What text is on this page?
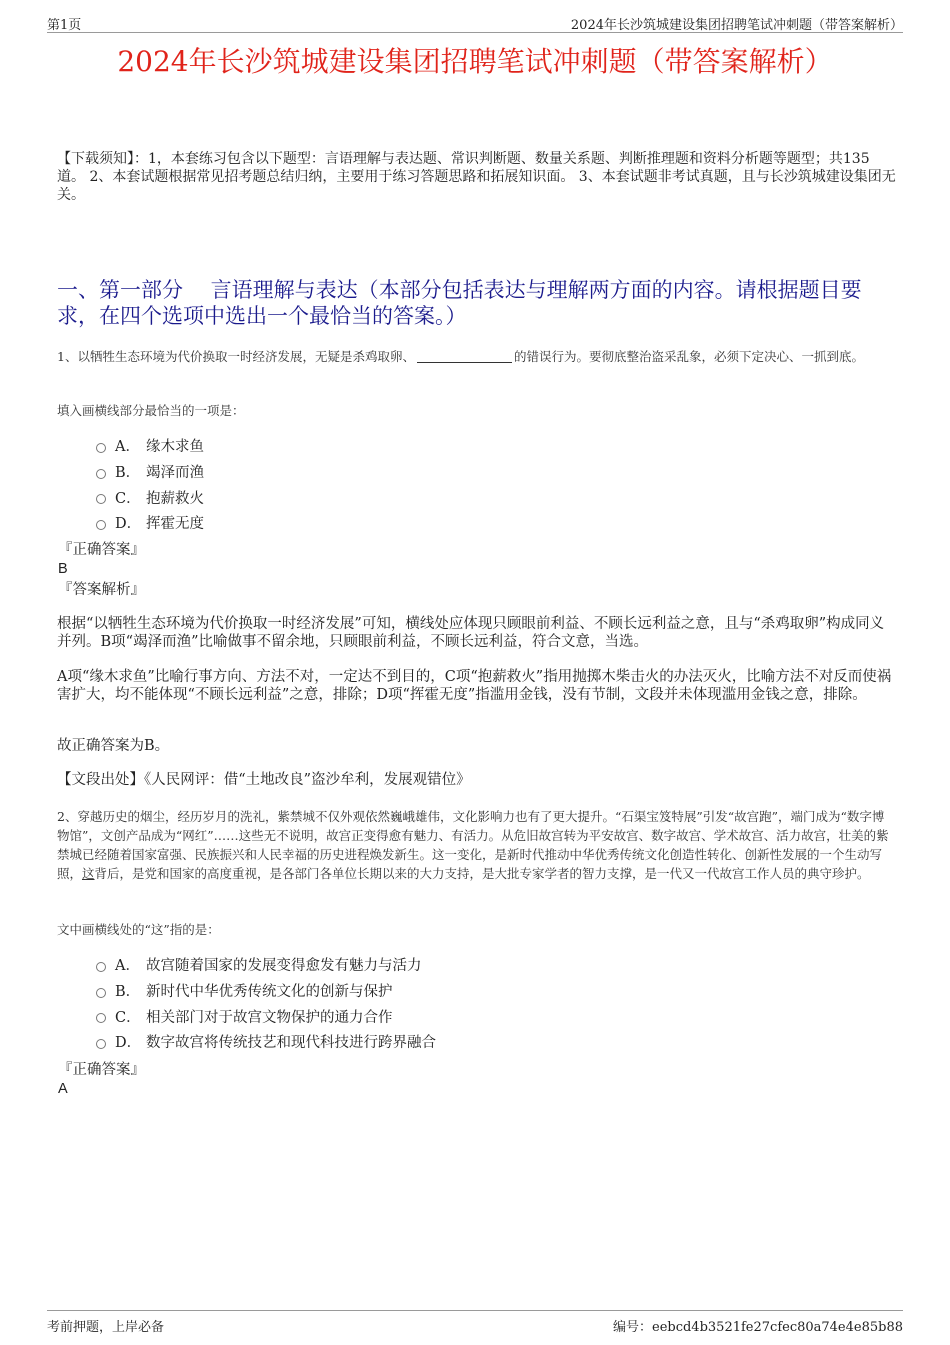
第1页	2024年长沙筑城建设集团招聘笔试冲刺题（带答案解析）
2024年长沙筑城建设集团招聘笔试冲刺题（带答案解析）
【下载须知】：1，本套练习包含以下题型：言语理解与表达题、常识判断题、数量关系题、判断推理题和资料分析题等题型；共135道。 2、本套试题根据常见招考题总结归纳，主要用于练习答题思路和拓展知识面。 3、本套试题非考试真题，且与长沙筑城建设集团无关。
一、第一部分　 言语理解与表达（本部分包括表达与理解两方面的内容。请根据题目要求，在四个选项中选出一个最恰当的答案。）
1、以牺牲生态环境为代价换取一时经济发展，无疑是杀鸡取卵、	的错误行为。要彻底整治盗采乱象，必须下定决心、一抓到底。
填入画横线部分最恰当的一项是：
A． 缘木求鱼
B． 竭泽而渔
C． 抱薪救火
D． 挥霍无度
『正确答案』
B
『答案解析』
根据“以牺牲生态环境为代价换取一时经济发展”可知，横线处应体现只顾眼前利益、不顾长远利益之意，且与“杀鸡取卵”构成同义并列。B项“竭泽而渔”比喻做事不留余地，只顾眼前利益，不顾长远利益，符合文意，当选。
A项“缘木求鱼”比喻行事方向、方法不对，一定达不到目的，C项“抱薪救火”指用抛掷木柴击火的办法灭火，比喻方法不对反而使祸害扩大，均不能体现“不顾长远利益”之意，排除；D项“挥霍无度”指滥用金钱，没有节制，文段并未体现滥用金钱之意，排除。
故正确答案为B。
【文段出处】《人民网评：借“土地改良”盗沙牟利，发展观错位》
2、穿越历史的烟尘，经历岁月的洗礼，紫禁城不仅外观依然巍峨雄伟，文化影响力也有了更大提升。“石渠宝笈特展”引发“故宫跑”，端门成为“数字博物馆”，文创产品成为“网红”……这些无不说明，故宫正变得愈有魅力、有活力。从危旧故宫转为平安故宫、数字故宫、学术故宫、活力故宫，壮美的紫禁城已经随着国家富强、民族振兴和人民幸福的历史进程焕发新生。这一变化，是新时代推动中华优秀传统文化创造性转化、创新性发展的一个生动写照，这背后，是党和国家的高度重视，是各部门各单位长期以来的大力支持，是大批专家学者的智力支撑，是一代又一代故宫工作人员的典守珍护。
文中画横线处的“这”指的是：
A． 故宫随着国家的发展变得愈发有魅力与活力
B． 新时代中华优秀传统文化的创新与保护
C． 相关部门对于故宫文物保护的通力合作
D． 数字故宫将传统技艺和现代科技进行跨界融合
『正确答案』
A
考前押题，上岸必备	编号：eebcd4b3521fe27cfec80a74e4e85b88
